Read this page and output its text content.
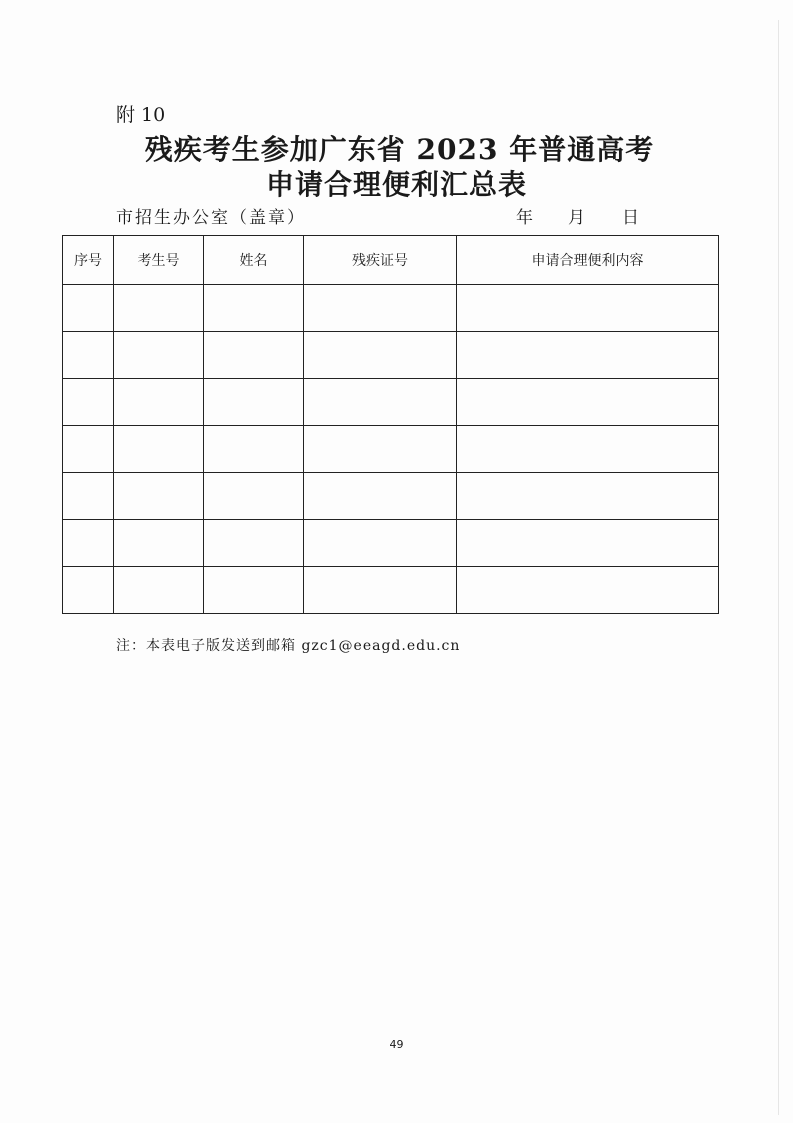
附 10
残疾考生参加广东省 2023 年普通高考
申请合理便利汇总表
市招生办公室（盖章）	年 月 日
序号	考生号	姓名	残疾证号	申请合理便利内容

注：本表电子版发送到邮箱 gzc1@eeagd.edu.cn
49
